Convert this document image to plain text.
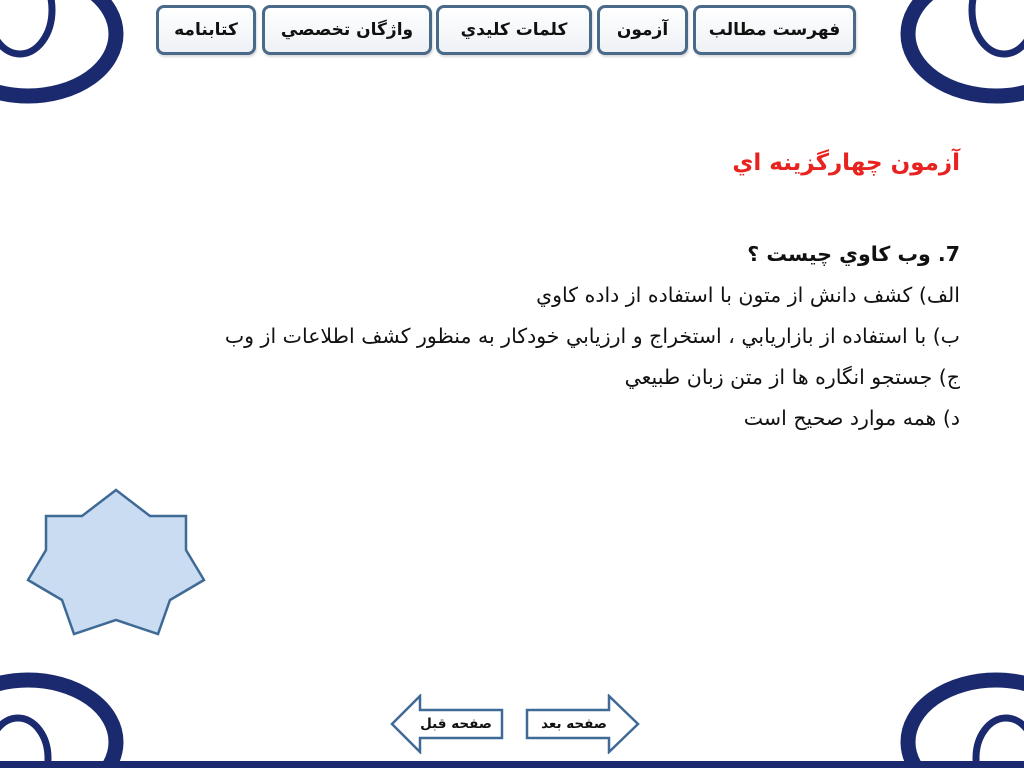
كتابنامه	واژگان تخصصي	كلمات كليدي	آزمون فهرست مطالب
آزمون چهارگزینه اي
7. وب كاوي چيست ؟
الف) كشف دانش از متون با استفاده از داده كاوي
ب) با استفاده از بازاريابي ، استخراج و ارزيابي خودكار به منظور كشف اطلاعات از وب
ج) جستجو انگاره ها از متن زبان طبيعي
د) همه موارد صحيح است
صفحه قبل	صفحه بعد
